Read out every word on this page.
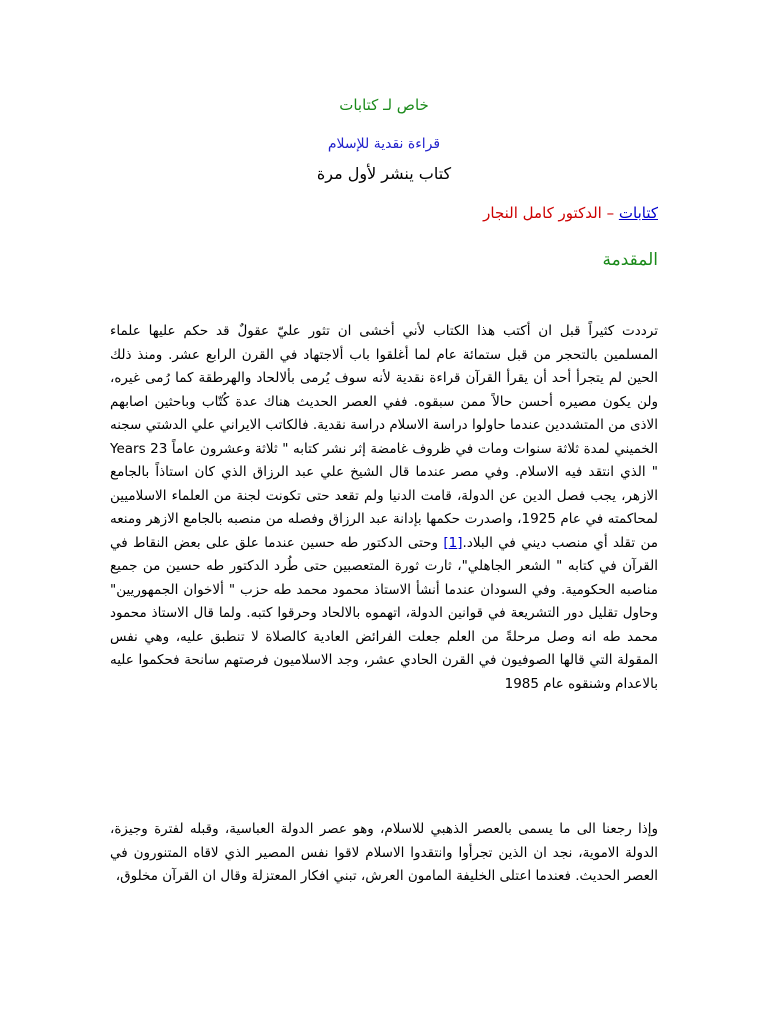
خاص لـ كتابات
قراءة نقدية للإسلام
كتاب ينشر لأول مرة
كتابات – الدكتور كامل النجار
المقدمة

ترددت كثيراً قبل ان أكتب هذا الكتاب لأني أخشى ان تثور عليّ عقولٌ قد حكم عليها علماء المسلمين بالتحجر من قبل ستمائة عام لما أغلقوا باب ألاجتهاد في القرن الرابع عشر. ومنذ ذلك الحين لم يتجرأ أحد أن يقرأ القرآن قراءة نقدية لأنه سوف يُرمى بألالحاد والهرطقة كما رُمى غيره، ولن يكون مصيره أحسن حالاً ممن سبقوه. ففي العصر الحديث هناك عدة كُتّاب وباحثين اصابهم الاذى من المتشددين عندما حاولوا دراسة الاسلام دراسة نقدية. فالكاتب الايراني علي الدشتي سجنه الخميني لمدة ثلاثة سنوات ومات في ظروف غامضة إثر نشر كتابه " ثلاثة وعشرون عاماً Years 23 " الذي انتقد فيه الاسلام. وفي مصر عندما قال الشيخ علي عبد الرزاق الذي كان استاذاً بالجامع الازهر، يجب فصل الدين عن الدولة، قامت الدنيا ولم تقعد حتى تكونت لجنة من العلماء الاسلاميين لمحاكمته في عام 1925، واصدرت حكمها بإدانة عبد الرزاق وفصله من منصبه بالجامع الازهر ومنعه من تقلد أي منصب ديني في البلاد.[1] وحتى الدكتور طه حسين عندما علق على بعض النقاط في القرآن في كتابه " الشعر الجاهلي"، ثارت ثورة المتعصبين حتى طُرد الدكتور طه حسين من جميع مناصبه الحكومية. وفي السودان عندما أنشأ الاستاذ محمود محمد طه حزب " ألاخوان الجمهوريين" وحاول تقليل دور التشريعة في قوانين الدولة، اتهموه بالالحاد وحرقوا كتبه. ولما قال الاستاذ محمود محمد طه انه وصل مرحلةً من العلم جعلت الفرائض العادية كالصلاة لا تنطبق عليه، وهي نفس المقولة التي قالها الصوفيون في القرن الحادي عشر، وجد الاسلاميون فرصتهم سانحة فحكموا عليه بالاعدام وشنقوه عام 1985

وإذا رجعنا الى ما يسمى بالعصر الذهبي للاسلام، وهو عصر الدولة العباسية، وقبله لفترة وجيزة، الدولة الاموية، نجد ان الذين تجرأوا وانتقدوا الاسلام لاقوا نفس المصير الذي لاقاه المتنورون في العصر الحديث. فعندما اعتلى الخليفة المامون العرش، تبني افكار المعتزلة وقال ان القرآن مخلوق،
